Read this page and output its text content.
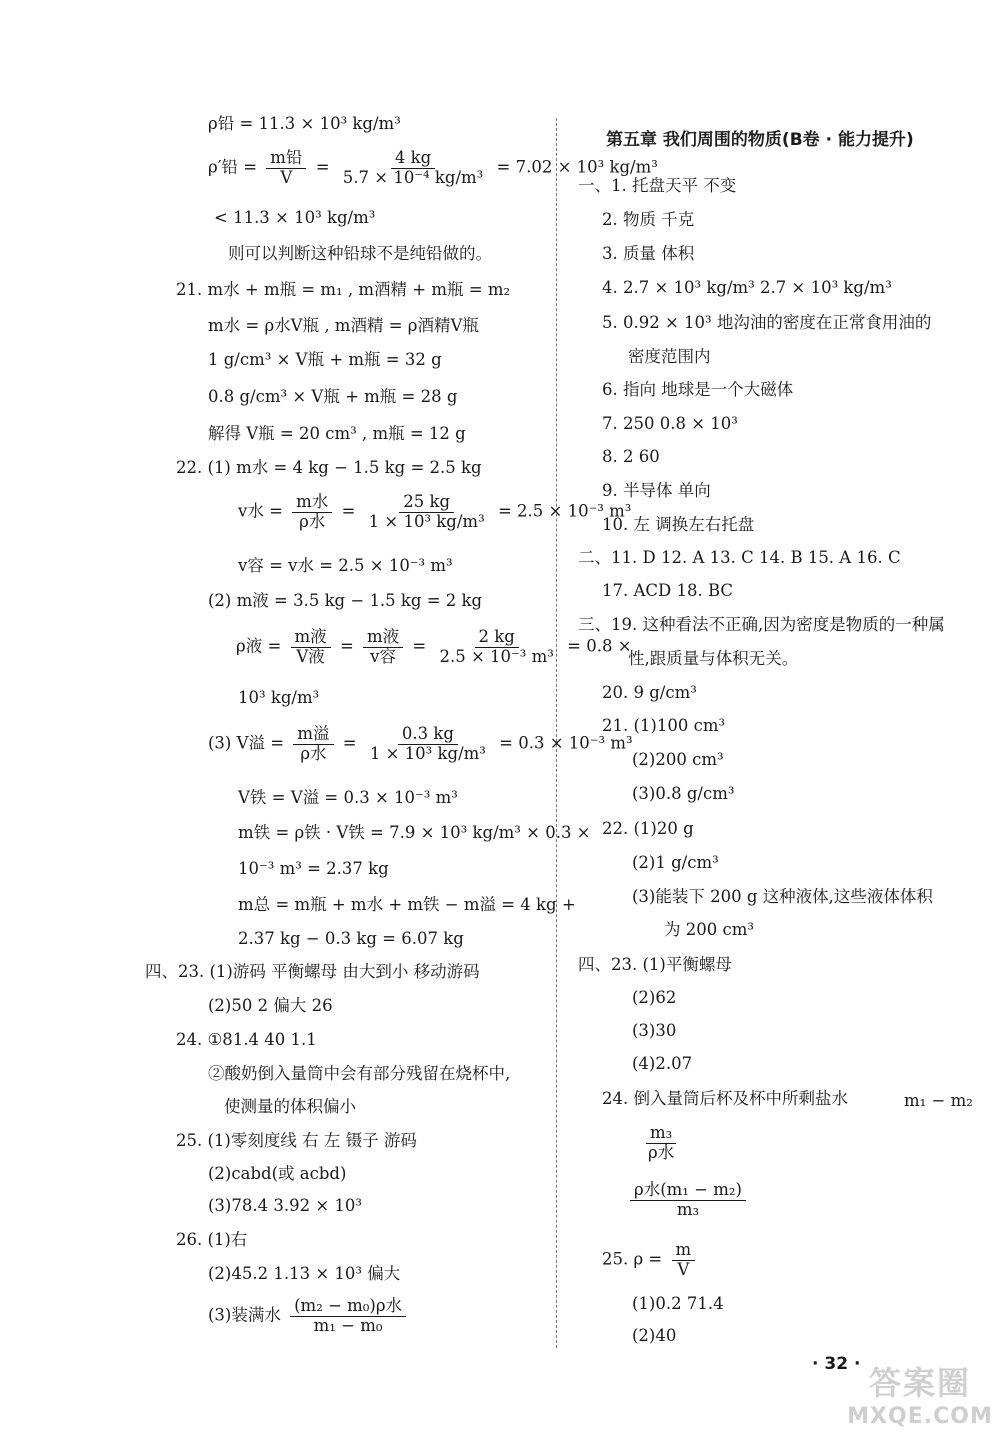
ρ铅 = 11.3 × 10³ kg/m³
ρ′铅 = $\frac{\text{m铅}}{V} = \frac{4 kg}{\text{5.7 × 10⁻⁴ kg/m³}} = 7.02 \times 10^3$ kg/m³
< 11.3 × 10³ kg/m³
则可以判断这种铅球不是纯铅做的。
21. m水 + m瓶 = m₁ , m酒精 + m瓶 = m₂
m水 = ρ水V瓶 , m酒精 = ρ酒精V瓶
1 g/cm³ × V瓶 + m瓶 = 32 g
0.8 g/cm³ × V瓶 + m瓶 = 28 g
解得 V瓶 = 20 cm³ , m瓶 = 12 g
22. (1) m水 = 4 kg − 1.5 kg = 2.5 kg
v水 = $\frac{\text{m水}}{\text{ρ水}} = \frac{25 kg}{\text{1 × 10³ kg/m³}} = 2.5 \times 10^{-3}$ m³
v容 = v水 = 2.5 × 10⁻³ m³
(2) m液 = 3.5 kg − 1.5 kg = 2 kg
ρ液 = $\frac{\text{m液}}{\text{V液}} = \frac{\text{m液}}{\text{v容}} = \frac{2 kg}{\text{2.5 × 10⁻³ m³}} = 0.8$ ×
10³ kg/m³
(3) V溢 = $\frac{\text{m溢}}{\text{ρ水}} = \frac{0.3 kg}{\text{1 × 10³ kg/m³}} = 0.3 \times 10^{-3}$ m³
V铁 = V溢 = 0.3 × 10⁻³ m³
m铁 = ρ铁 · V铁 = 7.9 × 10³ kg/m³ × 0.3 ×
10⁻³ m³ = 2.37 kg
m总 = m瓶 + m水 + m铁 − m溢 = 4 kg +
2.37 kg − 0.3 kg = 6.07 kg
四、23. (1)游码 平衡螺母 由大到小 移动游码
(2)50 2 偏大 26
24. ①81.4 40 1.1
②酸奶倒入量筒中会有部分残留在烧杯中,
使测量的体积偏小
25. (1)零刻度线 右 左 镊子 游码
(2)cabd(或 acbd)
(3)78.4 3.92 × 10³
26. (1)右
(2)45.2 1.13 × 10³ 偏大
(3)装满水 $\frac{\text{(m₂ − m₀)ρ水}}{\text{m₁ − m₀}}$
第五章 我们周围的物质(B卷 · 能力提升)
一、1. 托盘天平 不变
2. 物质 千克
3. 质量 体积
4. 2.7 × 10³ kg/m³ 2.7 × 10³ kg/m³
5. 0.92 × 10³ 地沟油的密度在正常食用油的
密度范围内
6. 指向 地球是一个大磁体
7. 250 0.8 × 10³
8. 2 60
9. 半导体 单向
10. 左 调换左右托盘
二、11. D 12. A 13. C 14. B 15. A 16. C
17. ACD 18. BC
三、19. 这种看法不正确,因为密度是物质的一种属
性,跟质量与体积无关。
20. 9 g/cm³
21. (1)100 cm³
(2)200 cm³
(3)0.8 g/cm³
22. (1)20 g
(2)1 g/cm³
(3)能装下 200 g 这种液体,这些液体体积
为 200 cm³
四、23. (1)平衡螺母
(2)62
(3)30
(4)2.07
24. 倒入量筒后杯及杯中所剩盐水	m₁ − m₂
$\frac{\text{m₃}}{\text{ρ水}}$
$\frac{\text{ρ水(m₁ − m₂)}}{\text{m₃}}$
25. $\rho = \frac{m}{V}$
(1)0.2 71.4
(2)40
· 32 · 答案圈
MXQE.COM
